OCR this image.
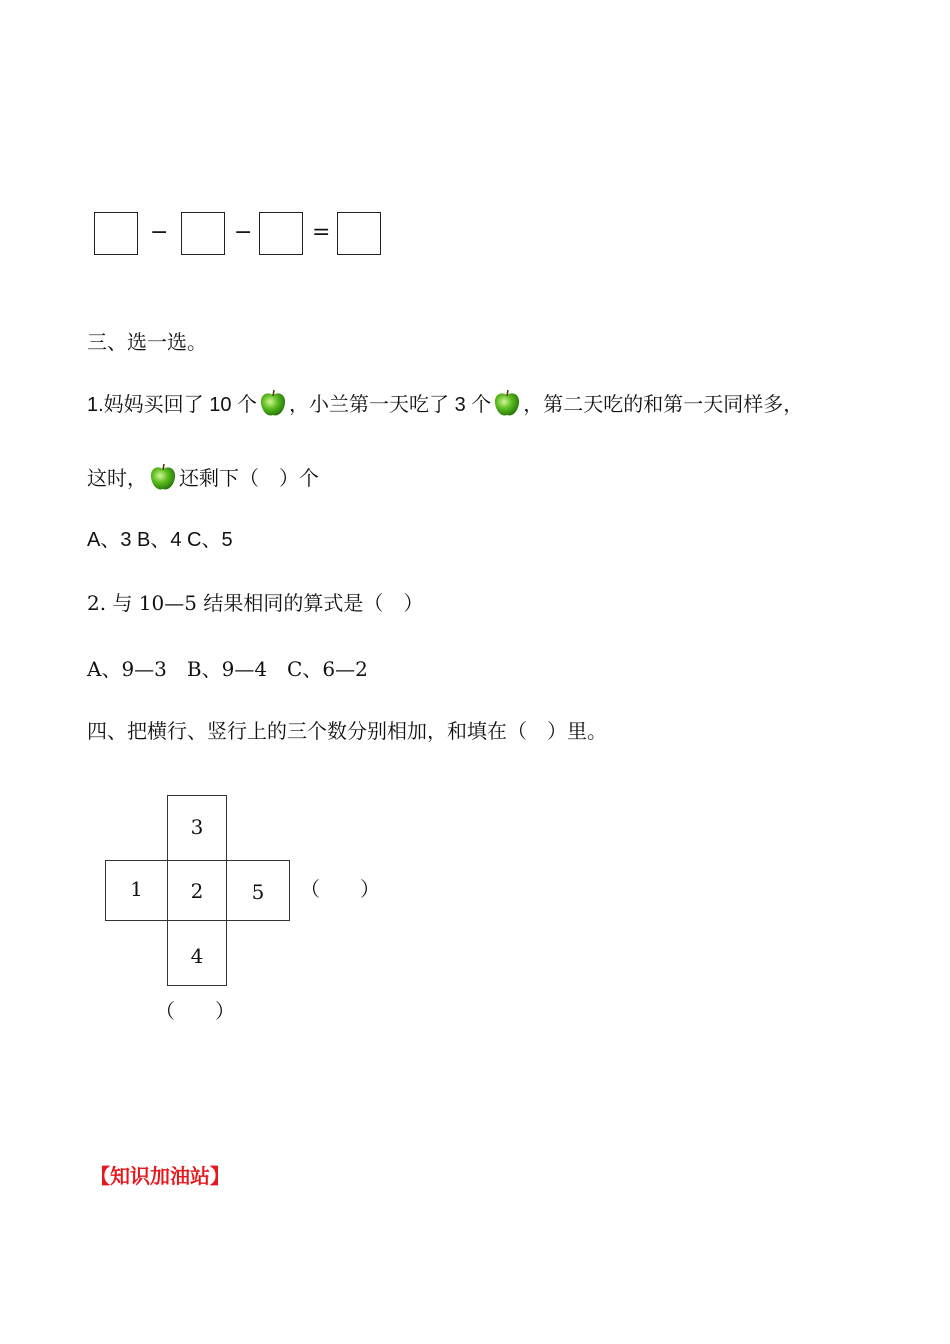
−	−	=
三、选一选。
1.妈妈买回了 10 个 ，小兰第一天吃了 3 个 ，第二天吃的和第一天同样多，
这时， 还剩下（　）个
A、3 B、4 C、5
2. 与 10—5 结果相同的算式是（　）
A、9—3　B、9—4　C、6—2
四、把横行、竖行上的三个数分别相加，和填在（　）里。
3
1	2	5
4
（　　）
（　　）
【知识加油站】
